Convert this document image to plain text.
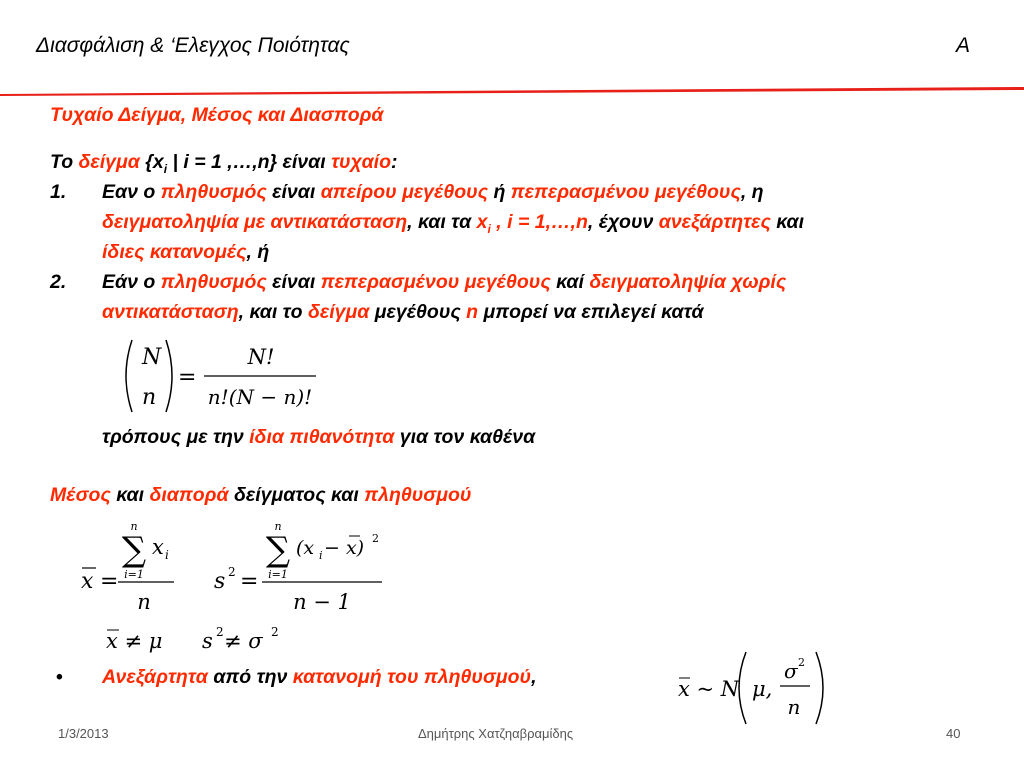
Διασφάλιση & ‘Ελεγχος Ποιότητας	A
Τυχαίο Δείγμα, Μέσος και Διασπορά
Το δείγμα {$x_i$ | i = 1 ,…,n} είναι τυχαίο:
1. Εαν ο πληθυσμός είναι απείρου μεγέθους ή πεπερασμένου μεγέθους, η
δειγματοληψία με αντικατάσταση, και τα $x_i$ , i = 1,…,n, έχουν ανεξάρτητες και
ίδιες κατανομές, ή
2. Εάν ο πληθυσμός είναι πεπερασμένου μεγέθους καί δειγματοληψία χωρίς
αντικατάσταση, και το δείγμα μεγέθους n μπορεί να επιλεγεί κατά
N
n
=
N!
n!(N − n)!
τρόπους με την ίδια πιθανότητα για τον καθένα
Μέσος και διαπορά δείγματος και πληθυσμού
x =
n
∑
i=1
x i
n
s 2 =
n
∑
i=1
(x i − x) 2
n − 1
x ≠ μ s 2 ≠ σ 2
• Ανεξάρτητα από την κατανομή του πληθυσμού,	x ~ N μ,
σ 2
n
1/3/2013	Δημήτρης Χατζηαβραμίδης	40
